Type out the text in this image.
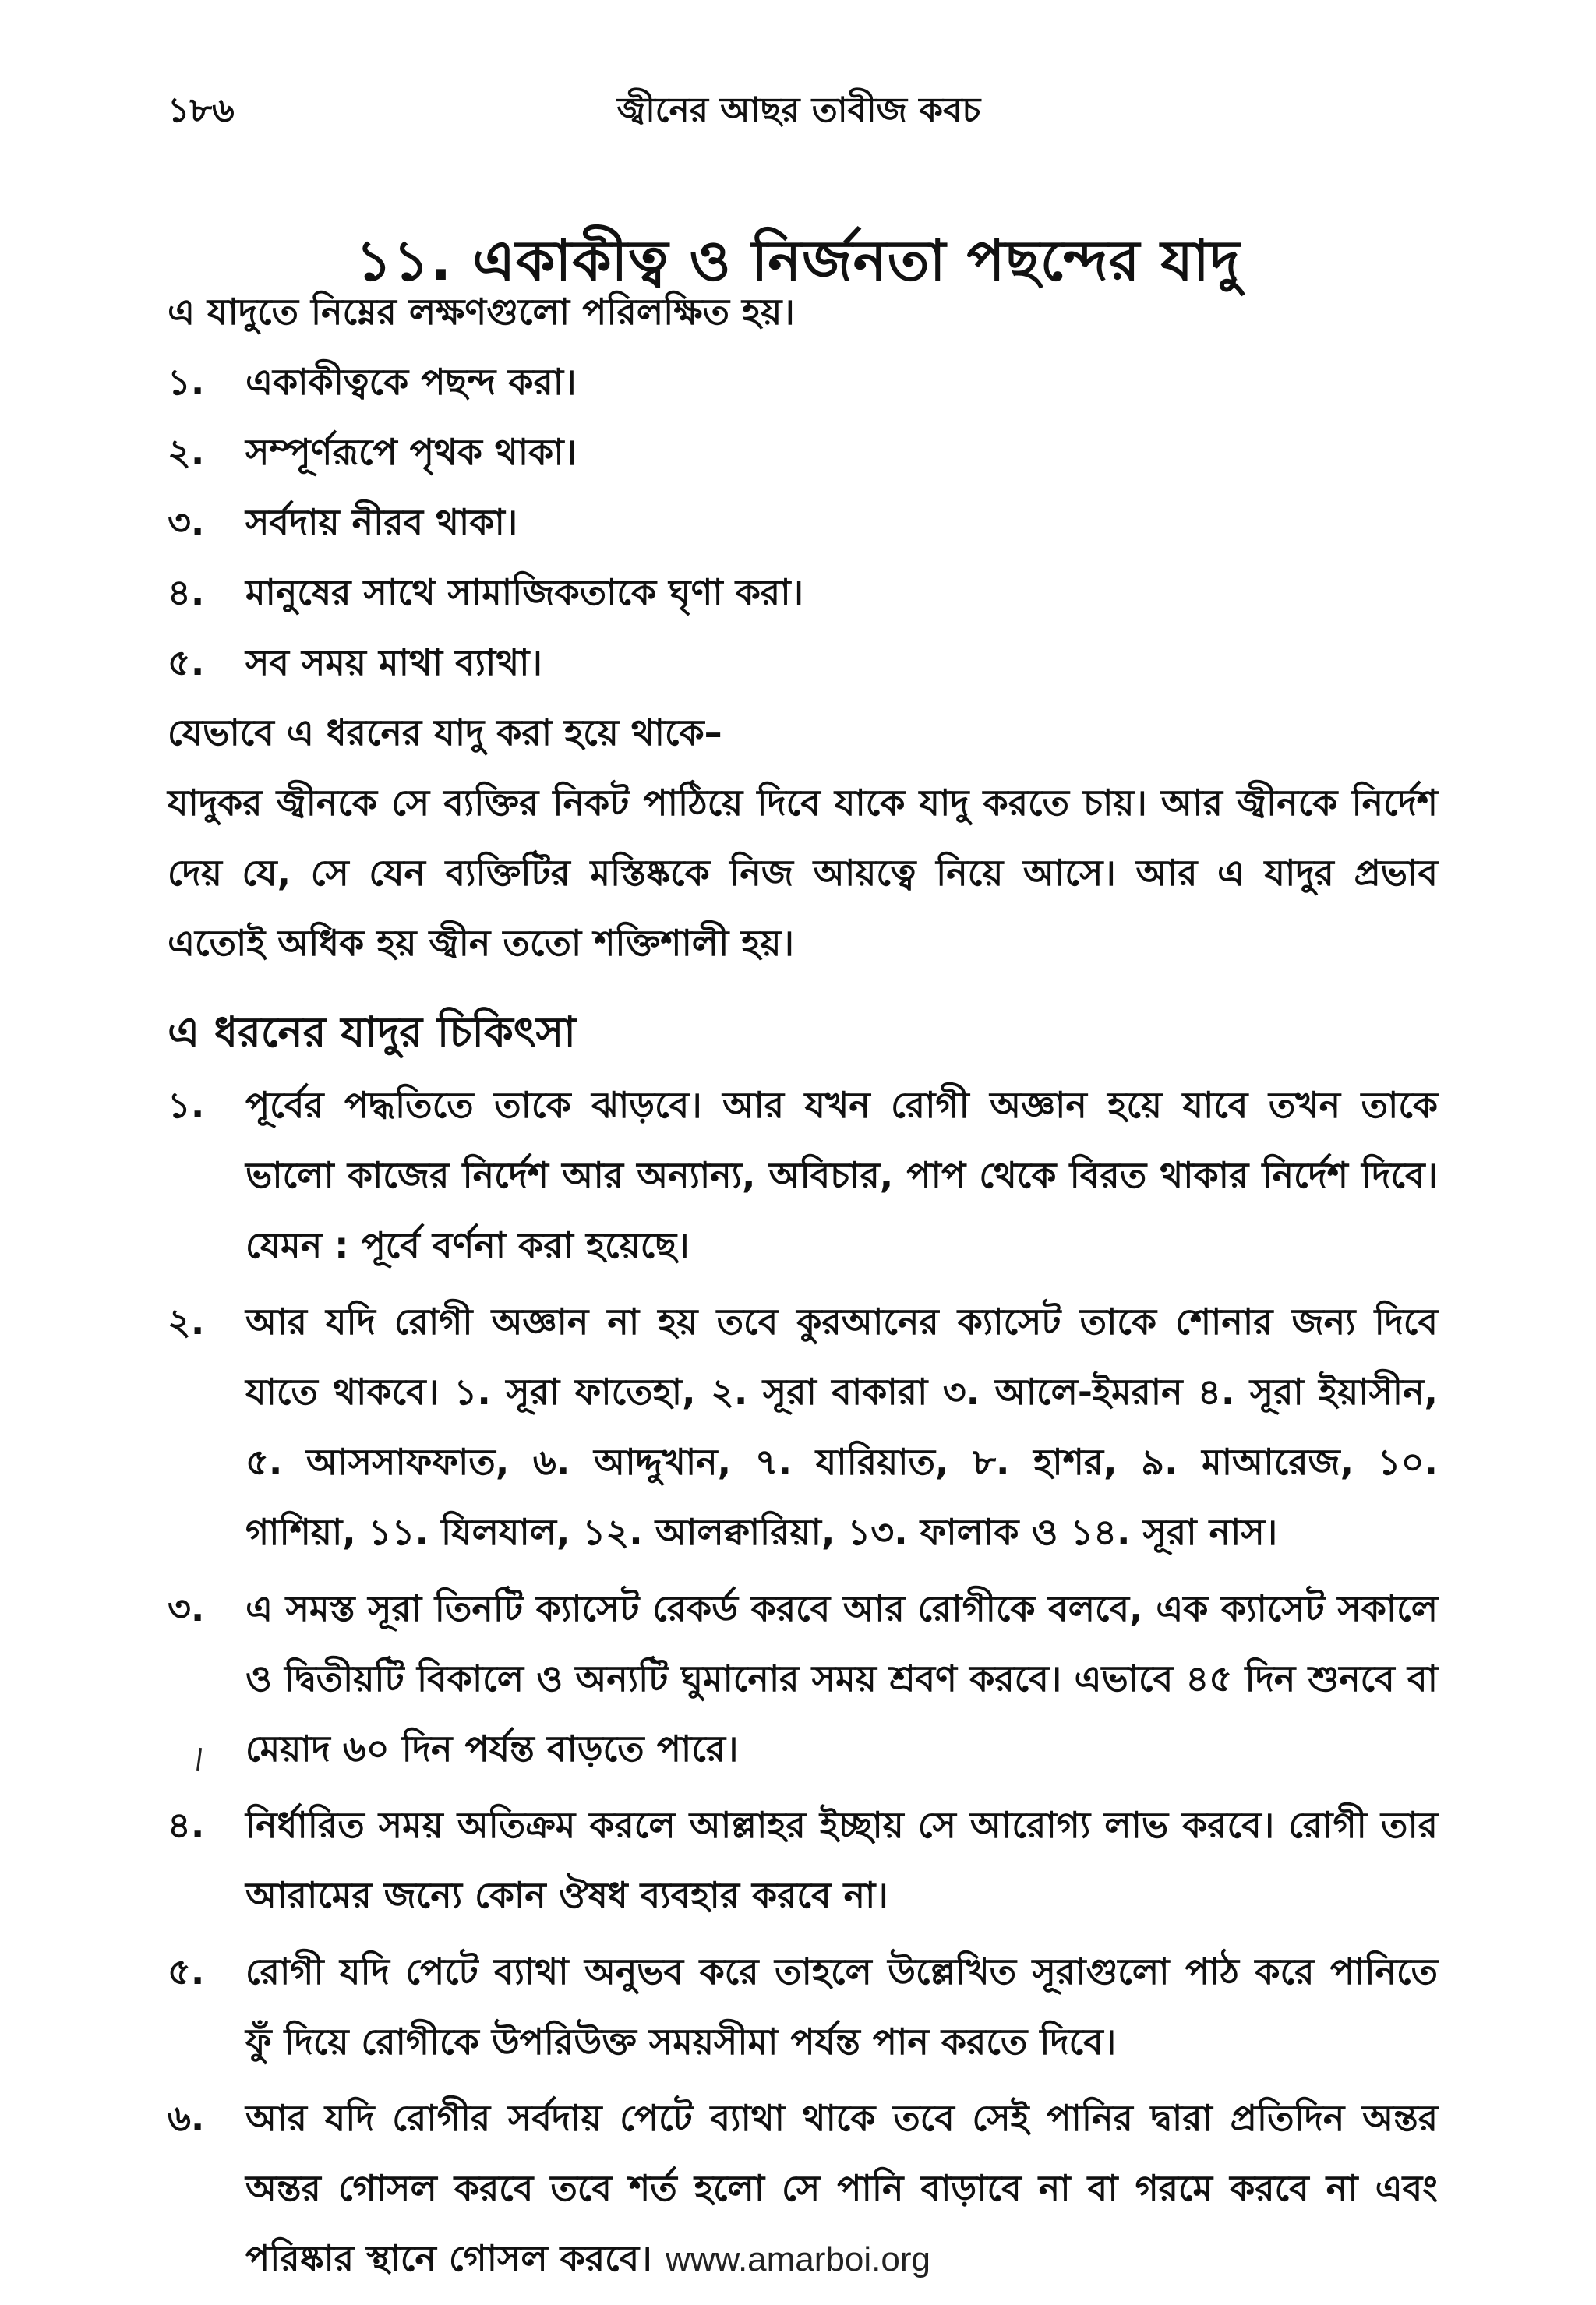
১৮৬	জ্বীনের আছর তাবীজ কবচ
১১. একাকীত্ব ও নির্জনতা পছন্দের যাদু

এ যাদুতে নিম্নের লক্ষণগুলো পরিলক্ষিত হয়।

১.	একাকীত্বকে পছন্দ করা।
২.	সম্পূর্ণরূপে পৃথক থাকা।
৩.	সর্বদায় নীরব থাকা।
৪.	মানুষের সাথে সামাজিকতাকে ঘৃণা করা।
৫.	সব সময় মাথা ব্যাথা।

যেভাবে এ ধরনের যাদু করা হয়ে থাকে–

যাদুকর জ্বীনকে সে ব্যক্তির নিকট পাঠিয়ে দিবে যাকে যাদু করতে চায়। আর জ্বীনকে নির্দেশ দেয় যে, সে যেন ব্যক্তিটির মস্তিষ্ককে নিজ আয়ত্বে নিয়ে আসে। আর এ যাদুর প্রভাব এতোই অধিক হয় জ্বীন ততো শক্তিশালী হয়।

এ ধরনের যাদুর চিকিৎসা
১.	পূর্বের পদ্ধতিতে তাকে ঝাড়বে। আর যখন রোগী অজ্ঞান হয়ে যাবে তখন তাকে ভালো কাজের নির্দেশ আর অন্যান্য, অবিচার, পাপ থেকে বিরত থাকার নির্দেশ দিবে। যেমন : পূর্বে বর্ণনা করা হয়েছে।
২.	আর যদি রোগী অজ্ঞান না হয় তবে কুরআনের ক্যাসেট তাকে শোনার জন্য দিবে যাতে থাকবে। ১. সূরা ফাতেহা, ২. সূরা বাকারা ৩. আলে-ইমরান ৪. সূরা ইয়াসীন, ৫. আসসাফফাত, ৬. আদ্দুখান, ৭. যারিয়াত, ৮. হাশর, ৯. মাআরেজ, ১০. গাশিয়া, ১১. যিলযাল, ১২. আলক্বারিয়া, ১৩. ফালাক ও ১৪. সূরা নাস।
৩.	এ সমস্ত সূরা তিনটি ক্যাসেট রেকর্ড করবে আর রোগীকে বলবে, এক ক্যাসেট সকালে ও দ্বিতীয়টি বিকালে ও অন্যটি ঘুমানোর সময় শ্রবণ করবে। এভাবে ৪৫ দিন শুনবে বা মেয়াদ ৬০ দিন পর্যন্ত বাড়তে পারে।
৪.	নির্ধারিত সময় অতিক্রম করলে আল্লাহর ইচ্ছায় সে আরোগ্য লাভ করবে। রোগী তার আরামের জন্যে কোন ঔষধ ব্যবহার করবে না।
৫.	রোগী যদি পেটে ব্যাথা অনুভব করে তাহলে উল্লেখিত সূরাগুলো পাঠ করে পানিতে ফুঁ দিয়ে রোগীকে উপরিউক্ত সময়সীমা পর্যন্ত পান করতে দিবে।
৬.	আর যদি রোগীর সর্বদায় পেটে ব্যাথা থাকে তবে সেই পানির দ্বারা প্রতিদিন অন্তর অন্তর গোসল করবে তবে শর্ত হলো সে পানি বাড়াবে না বা গরমে করবে না এবং পরিষ্কার স্থানে গোসল করবে। www.amarboi.org
